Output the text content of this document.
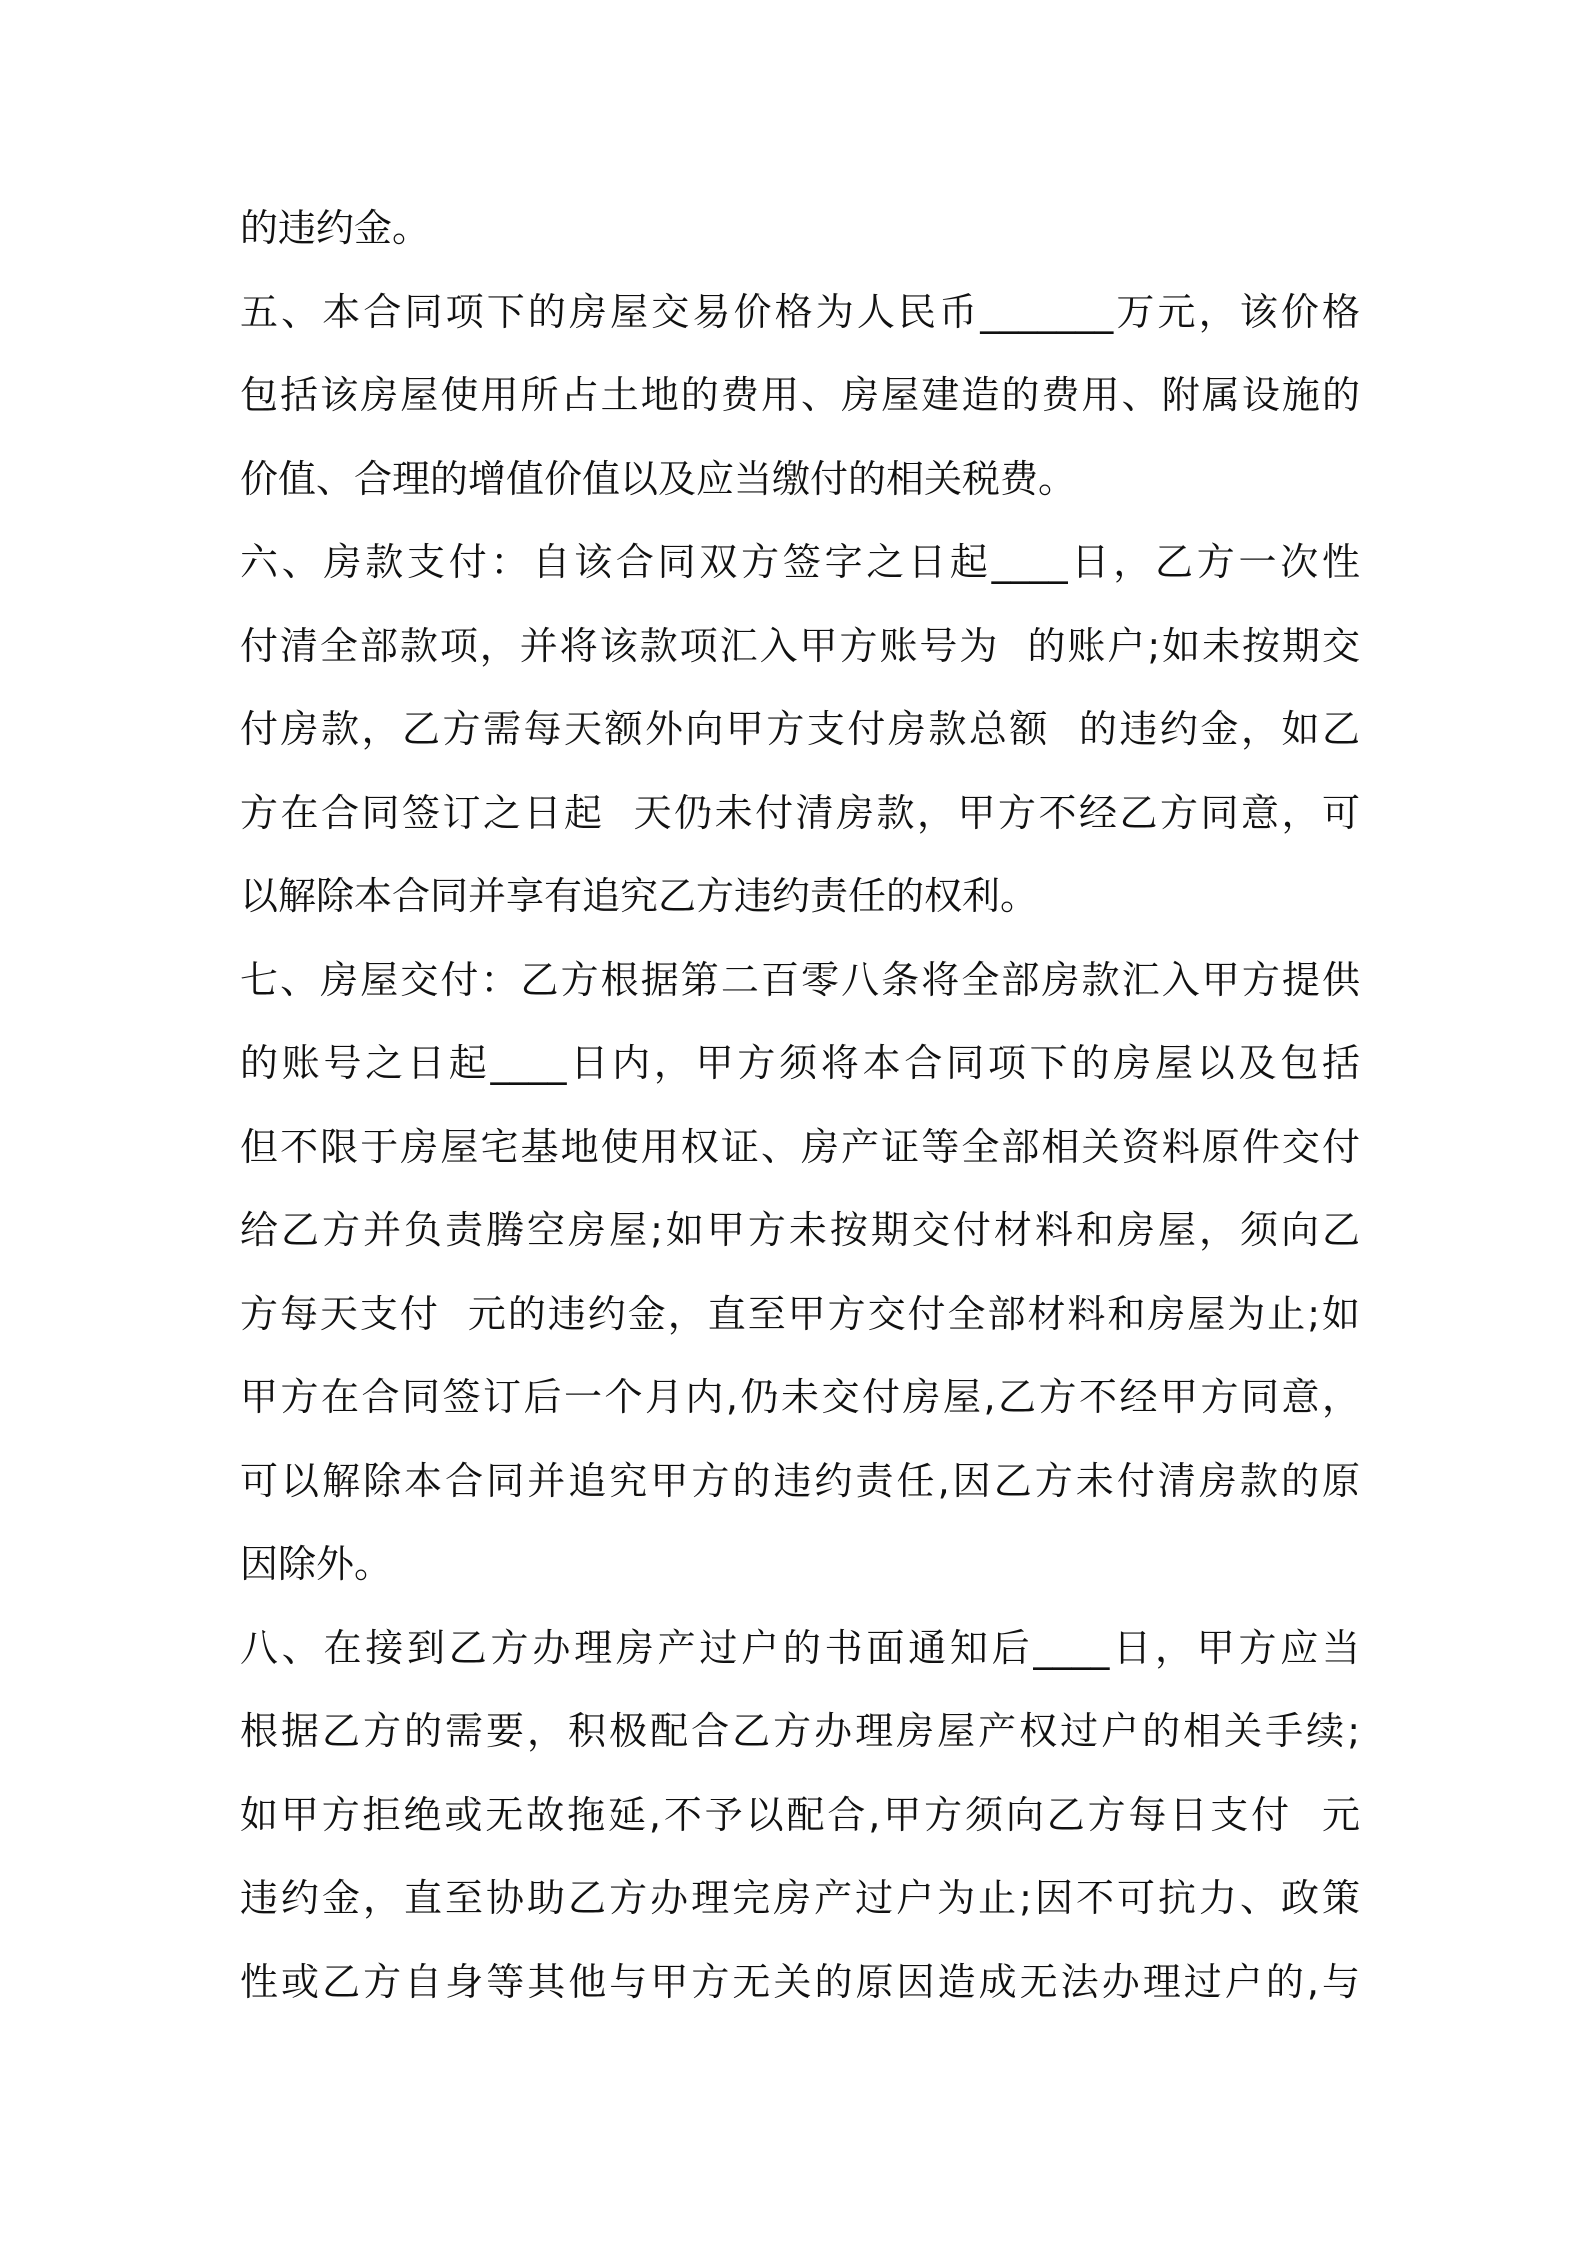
的违约金。
五、本合同项下的房屋交易价格为人民币_______万元，该价格
包括该房屋使用所占土地的费用、房屋建造的费用、附属设施的
价值、合理的增值价值以及应当缴付的相关税费。
六、房款支付：自该合同双方签字之日起____日，乙方一次性
付清全部款项，并将该款项汇入甲方账号为  的账户;如未按期交
付房款，乙方需每天额外向甲方支付房款总额  的违约金，如乙
方在合同签订之日起  天仍未付清房款，甲方不经乙方同意，可
以解除本合同并享有追究乙方违约责任的权利。
七、房屋交付：乙方根据第二百零八条将全部房款汇入甲方提供
的账号之日起____日内，甲方须将本合同项下的房屋以及包括
但不限于房屋宅基地使用权证、房产证等全部相关资料原件交付
给乙方并负责腾空房屋;如甲方未按期交付材料和房屋，须向乙
方每天支付  元的违约金，直至甲方交付全部材料和房屋为止;如
甲方在合同签订后一个月内,仍未交付房屋,乙方不经甲方同意，
可以解除本合同并追究甲方的违约责任,因乙方未付清房款的原
因除外。
八、在接到乙方办理房产过户的书面通知后____日，甲方应当
根据乙方的需要，积极配合乙方办理房屋产权过户的相关手续;
如甲方拒绝或无故拖延,不予以配合,甲方须向乙方每日支付  元
违约金，直至协助乙方办理完房产过户为止;因不可抗力、政策
性或乙方自身等其他与甲方无关的原因造成无法办理过户的,与
